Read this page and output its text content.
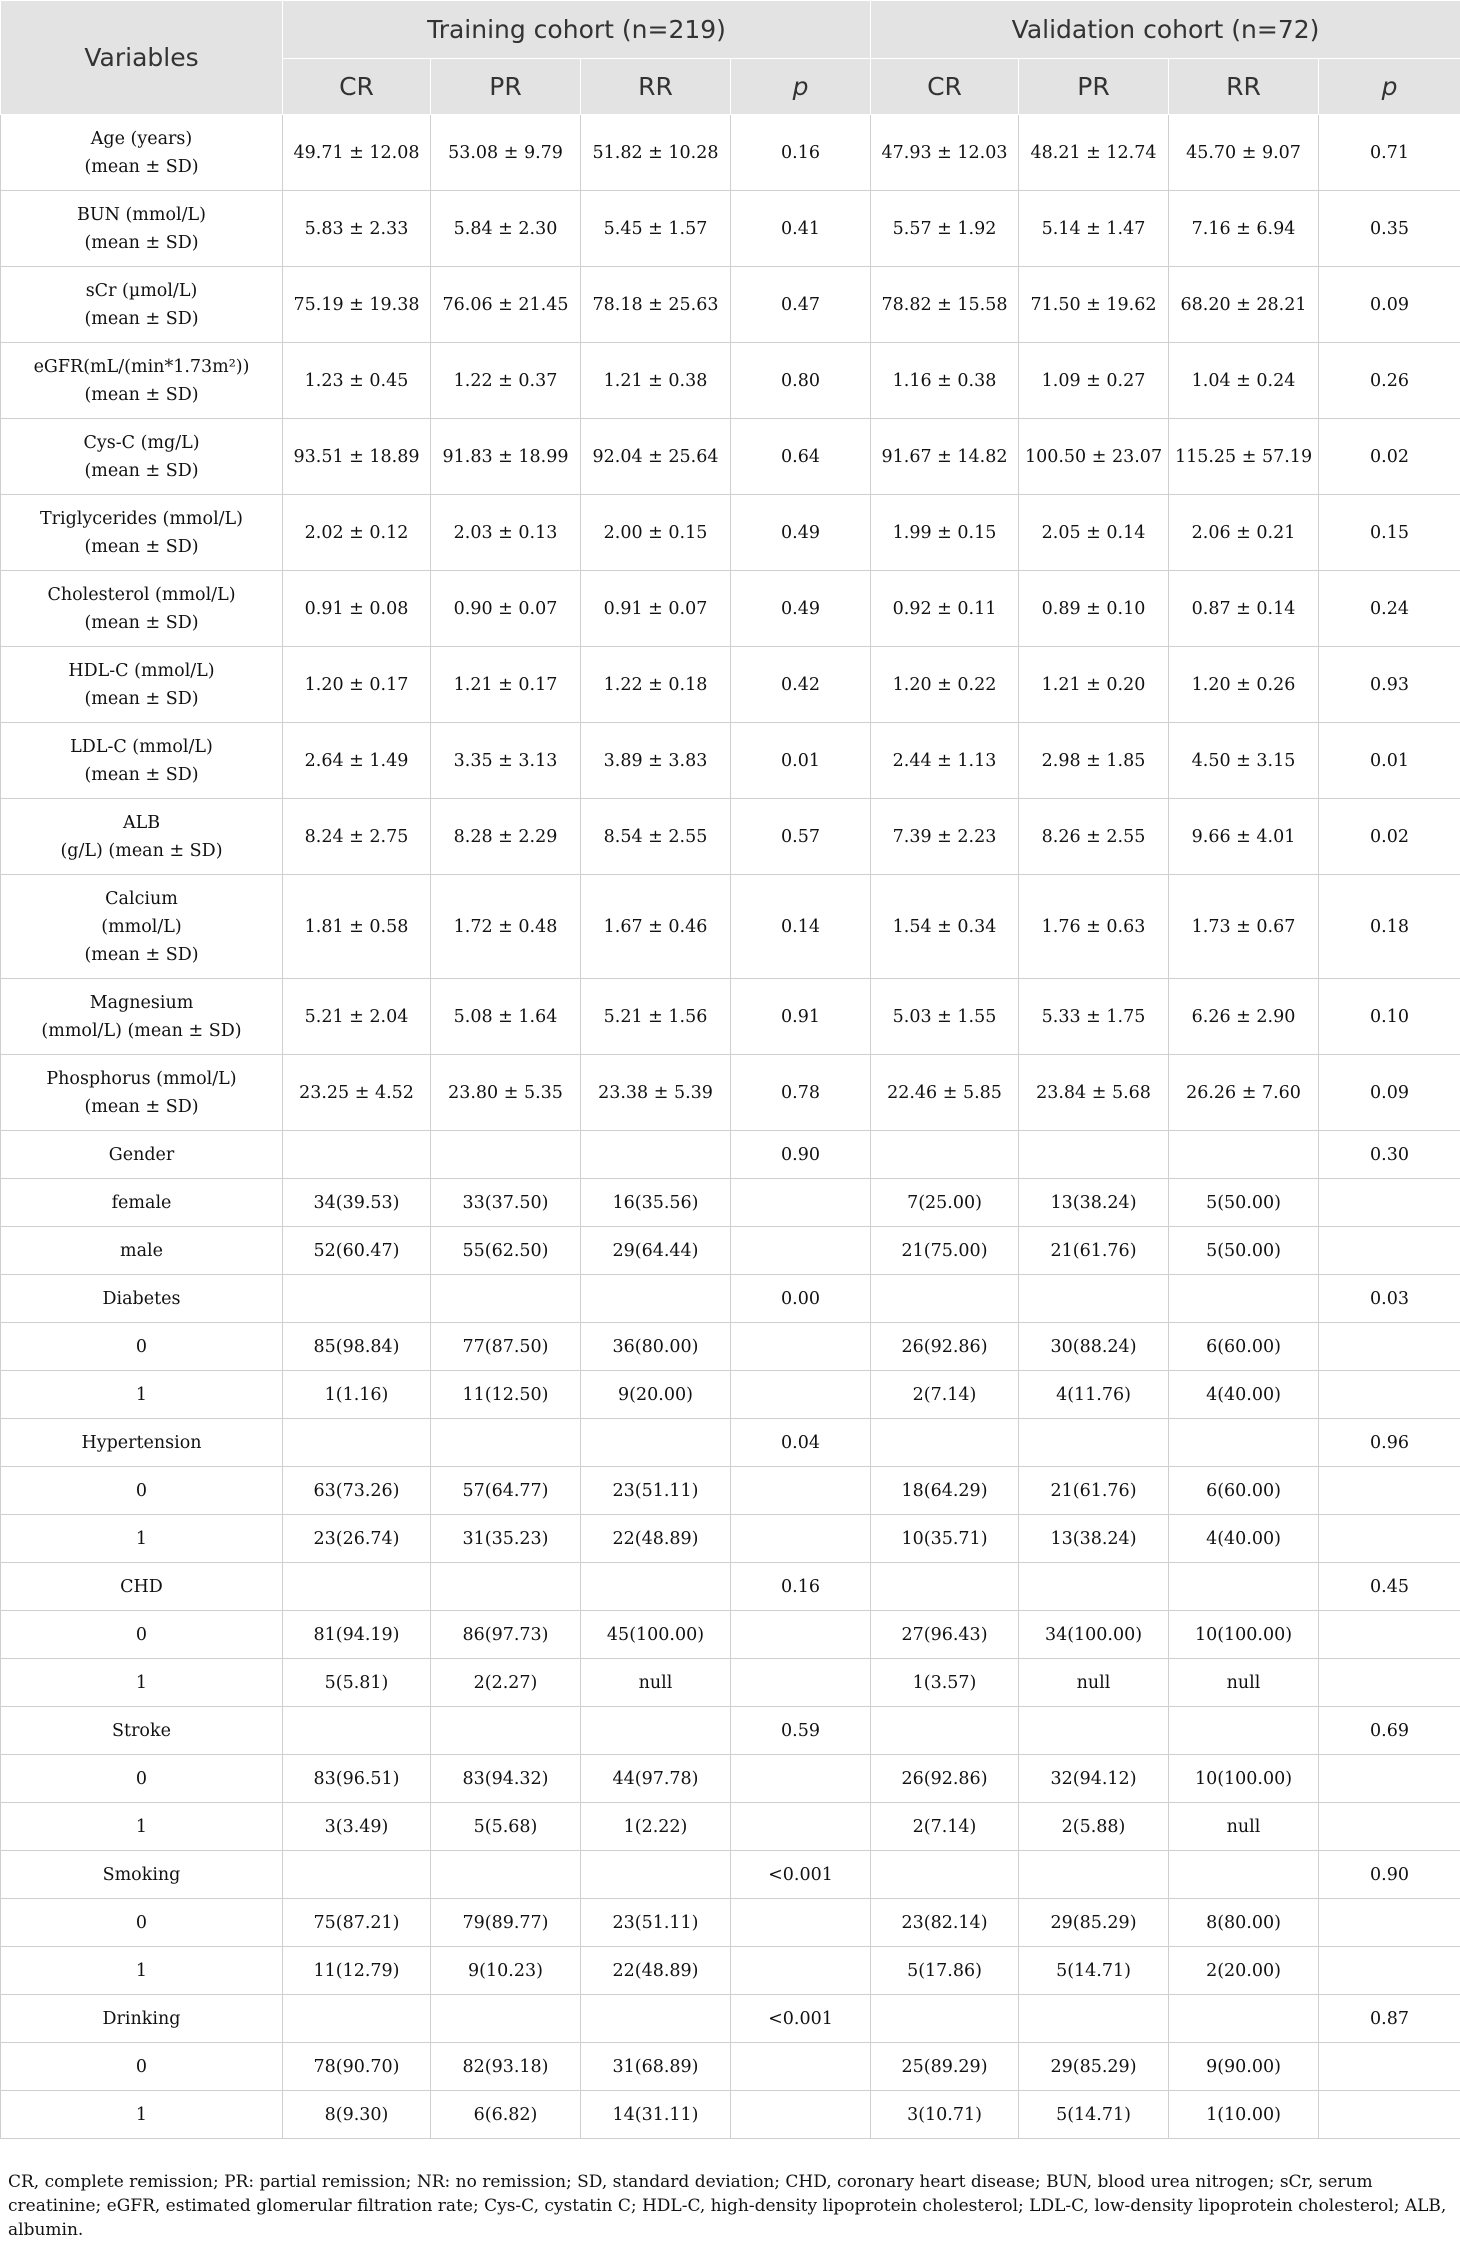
Variables	Training cohort (n=219)				Validation cohort (n=72)			
	CR	PR	RR	p	CR	PR	RR	p

Age (years)
(mean ± SD)	49.71 ± 12.08	53.08 ± 9.79	51.82 ± 10.28	0.16	47.93 ± 12.03	48.21 ± 12.74	45.70 ± 9.07	0.71

BUN (mmol/L)
(mean ± SD)	5.83 ± 2.33	5.84 ± 2.30	5.45 ± 1.57	0.41	5.57 ± 1.92	5.14 ± 1.47	7.16 ± 6.94	0.35

sCr (µmol/L)
(mean ± SD)	75.19 ± 19.38	76.06 ± 21.45	78.18 ± 25.63	0.47	78.82 ± 15.58	71.50 ± 19.62	68.20 ± 28.21	0.09

eGFR(mL/(min*1.73m²))
(mean ± SD)	1.23 ± 0.45	1.22 ± 0.37	1.21 ± 0.38	0.80	1.16 ± 0.38	1.09 ± 0.27	1.04 ± 0.24	0.26

Cys-C (mg/L)
(mean ± SD)	93.51 ± 18.89	91.83 ± 18.99	92.04 ± 25.64	0.64	91.67 ± 14.82	100.50 ± 23.07	115.25 ± 57.19	0.02

Triglycerides (mmol/L)
(mean ± SD)	2.02 ± 0.12	2.03 ± 0.13	2.00 ± 0.15	0.49	1.99 ± 0.15	2.05 ± 0.14	2.06 ± 0.21	0.15

Cholesterol (mmol/L)
(mean ± SD)	0.91 ± 0.08	0.90 ± 0.07	0.91 ± 0.07	0.49	0.92 ± 0.11	0.89 ± 0.10	0.87 ± 0.14	0.24

HDL-C (mmol/L)
(mean ± SD)	1.20 ± 0.17	1.21 ± 0.17	1.22 ± 0.18	0.42	1.20 ± 0.22	1.21 ± 0.20	1.20 ± 0.26	0.93

LDL-C (mmol/L)
(mean ± SD)	2.64 ± 1.49	3.35 ± 3.13	3.89 ± 3.83	0.01	2.44 ± 1.13	2.98 ± 1.85	4.50 ± 3.15	0.01

ALB
(g/L) (mean ± SD)	8.24 ± 2.75	8.28 ± 2.29	8.54 ± 2.55	0.57	7.39 ± 2.23	8.26 ± 2.55	9.66 ± 4.01	0.02

Calcium
(mmol/L)
(mean ± SD)	1.81 ± 0.58	1.72 ± 0.48	1.67 ± 0.46	0.14	1.54 ± 0.34	1.76 ± 0.63	1.73 ± 0.67	0.18

Magnesium
(mmol/L) (mean ± SD)	5.21 ± 2.04	5.08 ± 1.64	5.21 ± 1.56	0.91	5.03 ± 1.55	5.33 ± 1.75	6.26 ± 2.90	0.10

Phosphorus (mmol/L)
(mean ± SD)	23.25 ± 4.52	23.80 ± 5.35	23.38 ± 5.39	0.78	22.46 ± 5.85	23.84 ± 5.68	26.26 ± 7.60	0.09

Gender				0.90				0.30

female	34(39.53)	33(37.50)	16(35.56)		7(25.00)	13(38.24)	5(50.00)	

male	52(60.47)	55(62.50)	29(64.44)		21(75.00)	21(61.76)	5(50.00)	

Diabetes				0.00				0.03

0	85(98.84)	77(87.50)	36(80.00)		26(92.86)	30(88.24)	6(60.00)	

1	1(1.16)	11(12.50)	9(20.00)		2(7.14)	4(11.76)	4(40.00)	

Hypertension				0.04				0.96

0	63(73.26)	57(64.77)	23(51.11)		18(64.29)	21(61.76)	6(60.00)	

1	23(26.74)	31(35.23)	22(48.89)		10(35.71)	13(38.24)	4(40.00)	

CHD				0.16				0.45

0	81(94.19)	86(97.73)	45(100.00)		27(96.43)	34(100.00)	10(100.00)	

1	5(5.81)	2(2.27)	null		1(3.57)	null	null	

Stroke				0.59				0.69

0	83(96.51)	83(94.32)	44(97.78)		26(92.86)	32(94.12)	10(100.00)	

1	3(3.49)	5(5.68)	1(2.22)		2(7.14)	2(5.88)	null	

Smoking				<0.001				0.90

0	75(87.21)	79(89.77)	23(51.11)		23(82.14)	29(85.29)	8(80.00)	

1	11(12.79)	9(10.23)	22(48.89)		5(17.86)	5(14.71)	2(20.00)	

Drinking				<0.001				0.87

0	78(90.70)	82(93.18)	31(68.89)		25(89.29)	29(85.29)	9(90.00)	

1	8(9.30)	6(6.82)	14(31.11)		3(10.71)	5(14.71)	1(10.00)	
CR, complete remission; PR: partial remission; NR: no remission; SD, standard deviation; CHD, coronary heart disease; BUN, blood urea nitrogen; sCr, serum creatinine; eGFR, estimated glomerular filtration rate; Cys-C, cystatin C; HDL-C, high-density lipoprotein cholesterol; LDL-C, low-density lipoprotein cholesterol; ALB, albumin.
